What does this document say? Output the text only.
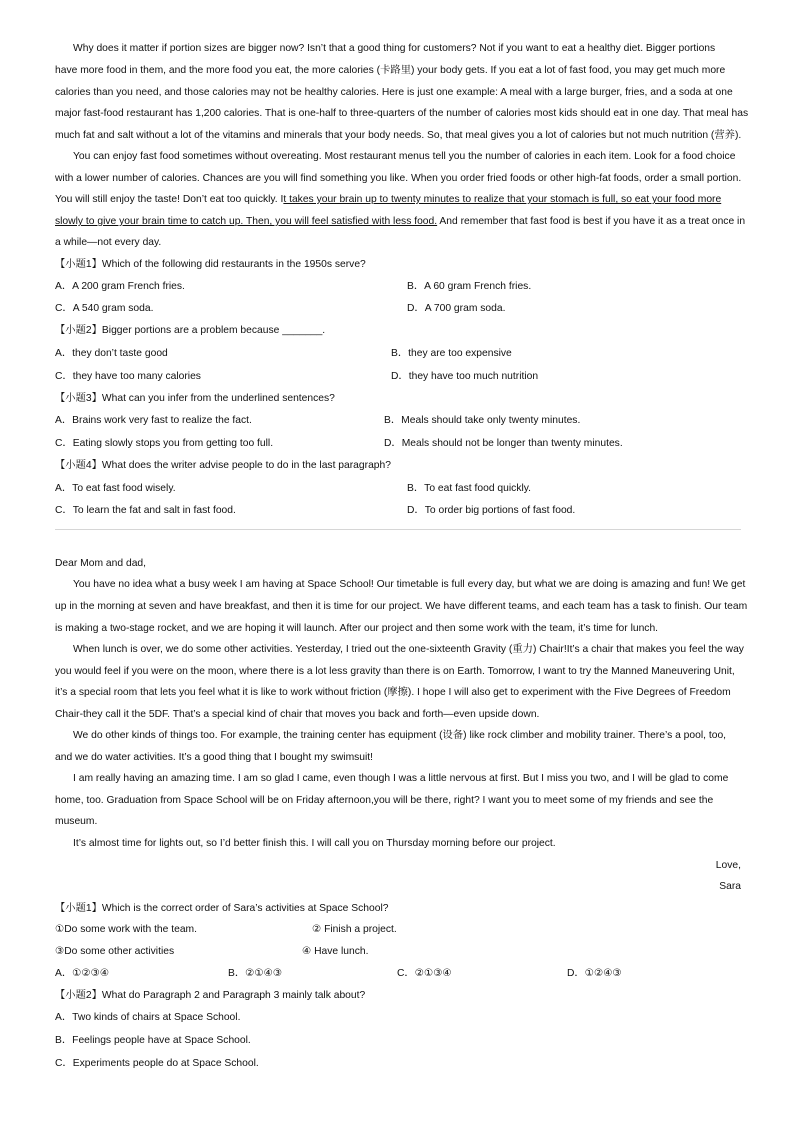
Why does it matter if portion sizes are bigger now? Isn’t that a good thing for customers? Not if you want to eat a healthy diet. Bigger portions
have more food in them, and the more food you eat, the more calories (卡路里) your body gets. If you eat a lot of fast food, you may get much more
calories than you need, and those calories may not be healthy calories. Here is just one example: A meal with a large burger, fries, and a soda at one
major fast-food restaurant has 1,200 calories. That is one-half to three-quarters of the number of calories most kids should eat in one day. That meal has
much fat and salt without a lot of the vitamins and minerals that your body needs. So, that meal gives you a lot of calories but not much nutrition (营养).
You can enjoy fast food sometimes without overeating. Most restaurant menus tell you the number of calories in each item. Look for a food choice
with a lower number of calories. Chances are you will find something you like. When you order fried foods or other high-fat foods, order a small portion.
You will still enjoy the taste! Don’t eat too quickly. It takes your brain up to twenty minutes to realize that your stomach is full, so eat your food more
slowly to give your brain time to catch up. Then, you will feel satisfied with less food. And remember that fast food is best if you have it as a treat once in
a while—not every day.
【小题1】Which of the following did restaurants in the 1950s serve?
A．A 200 gram French fries.	B．A 60 gram French fries.
C．A 540 gram soda.	D．A 700 gram soda.
【小题2】Bigger portions are a problem because _______.
A．they don’t taste good	B．they are too expensive
C．they have too many calories	D．they have too much nutrition
【小题3】What can you infer from the underlined sentences?
A．Brains work very fast to realize the fact.	B．Meals should take only twenty minutes.
C．Eating slowly stops you from getting too full.	D．Meals should not be longer than twenty minutes.
【小题4】What does the writer advise people to do in the last paragraph?
A．To eat fast food wisely.	B．To eat fast food quickly.
C．To learn the fat and salt in fast food.	D．To order big portions of fast food.
Dear Mom and dad,
You have no idea what a busy week I am having at Space School! Our timetable is full every day, but what we are doing is amazing and fun! We get
up in the morning at seven and have breakfast, and then it is time for our project. We have different teams, and each team has a task to finish. Our team
is making a two-stage rocket, and we are hoping it will launch. After our project and then some work with the team, it’s time for lunch.
When lunch is over, we do some other activities. Yesterday, I tried out the one-sixteenth Gravity (重力) Chair!It’s a chair that makes you feel the way
you would feel if you were on the moon, where there is a lot less gravity than there is on Earth. Tomorrow, I want to try the Manned Maneuvering Unit,
it’s a special room that lets you feel what it is like to work without friction (摩擦). I hope I will also get to experiment with the Five Degrees of Freedom
Chair-they call it the 5DF. That’s a special kind of chair that moves you back and forth—even upside down.
We do other kinds of things too. For example, the training center has equipment (设备) like rock climber and mobility trainer. There’s a pool, too,
and we do water activities. It’s a good thing that I bought my swimsuit!
I am really having an amazing time. I am so glad I came, even though I was a little nervous at first. But I miss you two, and I will be glad to come
home, too. Graduation from Space School will be on Friday afternoon,you will be there, right? I want you to meet some of my friends and see the
museum.
It’s almost time for lights out, so I’d better finish this. I will call you on Thursday morning before our project.
Love,
Sara
【小题1】Which is the correct order of Sara’s activities at Space School?
①Do some work with the team.	② Finish a project.
③Do some other activities	④ Have lunch.
A．①②③④	B．②①④③	C．②①③④	D．①②④③
【小题2】What do Paragraph 2 and Paragraph 3 mainly talk about?
A．Two kinds of chairs at Space School.
B．Feelings people have at Space School.
C．Experiments people do at Space School.
